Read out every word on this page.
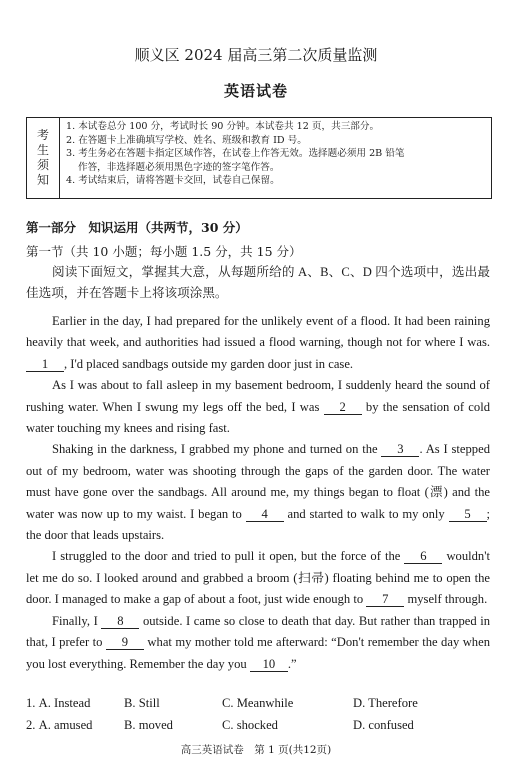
顺义区 2024 届高三第二次质量监测
英语试卷
考
生
须
知
1. 本试卷总分 100 分，考试时长 90 分钟。本试卷共 12 页，共三部分。
2. 在答题卡上准确填写学校、姓名、班级和教育 ID 号。
3. 考生务必在答题卡指定区域作答，在试卷上作答无效。选择题必须用 2B 铅笔
作答，非选择题必须用黑色字迹的签字笔作答。
4. 考试结束后，请将答题卡交回，试卷自己保留。
第一部分　知识运用（共两节，30 分）
第一节（共 10 小题；每小题 1.5 分，共 15 分）

阅读下面短文，掌握其大意，从每题所给的 A、B、C、D 四个选项中，选出最佳选项，并在答题卡上将该项涂黑。

Earlier in the day, I had prepared for the unlikely event of a flood. It had been raining heavily that week, and authorities had issued a flood warning, though not for where I was. 1 , I'd placed sandbags outside my garden door just in case.

As I was about to fall asleep in my basement bedroom, I suddenly heard the sound of rushing water. When I swung my legs off the bed, I was 2 by the sensation of cold water touching my knees and rising fast.

Shaking in the darkness, I grabbed my phone and turned on the 3 . As I stepped out of my bedroom, water was shooting through the gaps of the garden door. The water must have gone over the sandbags. All around me, my things began to float (漂) and the water was now up to my waist. I began to 4 and started to walk to my only 5 ; the door that leads upstairs.

I struggled to the door and tried to pull it open, but the force of the 6 wouldn't let me do so. I looked around and grabbed a broom (扫帚) floating behind me to open the door. I managed to make a gap of about a foot, just wide enough to 7 myself through.

Finally, I 8 outside. I came so close to death that day. But rather than trapped in that, I prefer to 9 what my mother told me afterward: “Don't remember the day when you lost everything. Remember the day you 10 .”

1. A. Instead	B. Still	C. Meanwhile	D. Therefore
2. A. amused	B. moved	C. shocked	D. confused
高三英语试卷　第 1 页(共12页)
